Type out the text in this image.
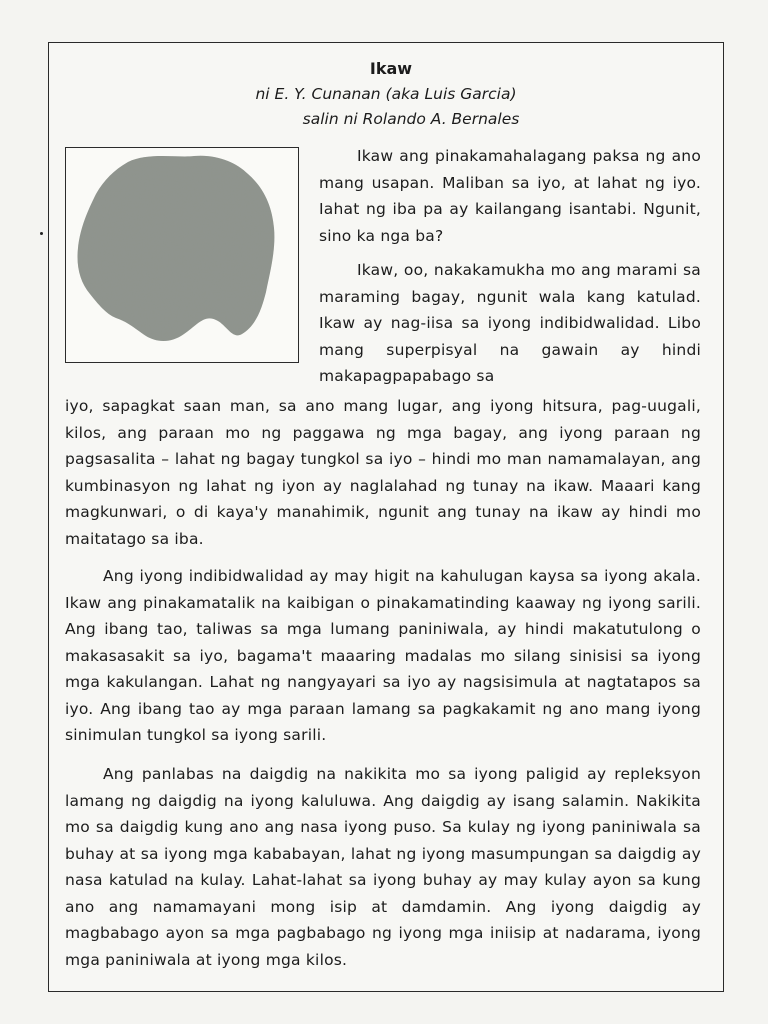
Ikaw
ni E. Y. Cunanan (aka Luis Garcia)
salin ni Rolando A. Bernales

Ikaw ang pinakamahalagang paksa ng ano mang usapan. Maliban sa iyo, at lahat ng iyo. Iahat ng iba pa ay kailangang isantabi. Ngunit, sino ka nga ba?

Ikaw, oo, nakakamukha mo ang marami sa maraming bagay, ngunit wala kang katulad. Ikaw ay nag-iisa sa iyong indibidwalidad. Libo mang superpisyal na gawain ay hindi makapagpapabago sa

iyo, sapagkat saan man, sa ano mang lugar, ang iyong hitsura, pag-uugali, kilos, ang paraan mo ng paggawa ng mga bagay, ang iyong paraan ng pagsasalita – lahat ng bagay tungkol sa iyo – hindi mo man namamalayan, ang kumbinasyon ng lahat ng iyon ay naglalahad ng tunay na ikaw. Maaari kang magkunwari, o di kaya'y manahimik, ngunit ang tunay na ikaw ay hindi mo maitatago sa iba.

Ang iyong indibidwalidad ay may higit na kahulugan kaysa sa iyong akala. Ikaw ang pinakamatalik na kaibigan o pinakamatinding kaaway ng iyong sarili. Ang ibang tao, taliwas sa mga lumang paniniwala, ay hindi makatutulong o makasasakit sa iyo, bagama't maaaring madalas mo silang sinisisi sa iyong mga kakulangan. Lahat ng nangyayari sa iyo ay nagsisimula at nagtatapos sa iyo. Ang ibang tao ay mga paraan lamang sa pagkakamit ng ano mang iyong sinimulan tungkol sa iyong sarili.

Ang panlabas na daigdig na nakikita mo sa iyong paligid ay repleksyon lamang ng daigdig na iyong kaluluwa. Ang daigdig ay isang salamin. Nakikita mo sa daigdig kung ano ang nasa iyong puso. Sa kulay ng iyong paniniwala sa buhay at sa iyong mga kababayan, lahat ng iyong masumpungan sa daigdig ay nasa katulad na kulay. Lahat-lahat sa iyong buhay ay may kulay ayon sa kung ano ang namamayani mong isip at damdamin. Ang iyong daigdig ay magbabago ayon sa mga pagbabago ng iyong mga iniisip at nadarama, iyong mga paniniwala at iyong mga kilos.
